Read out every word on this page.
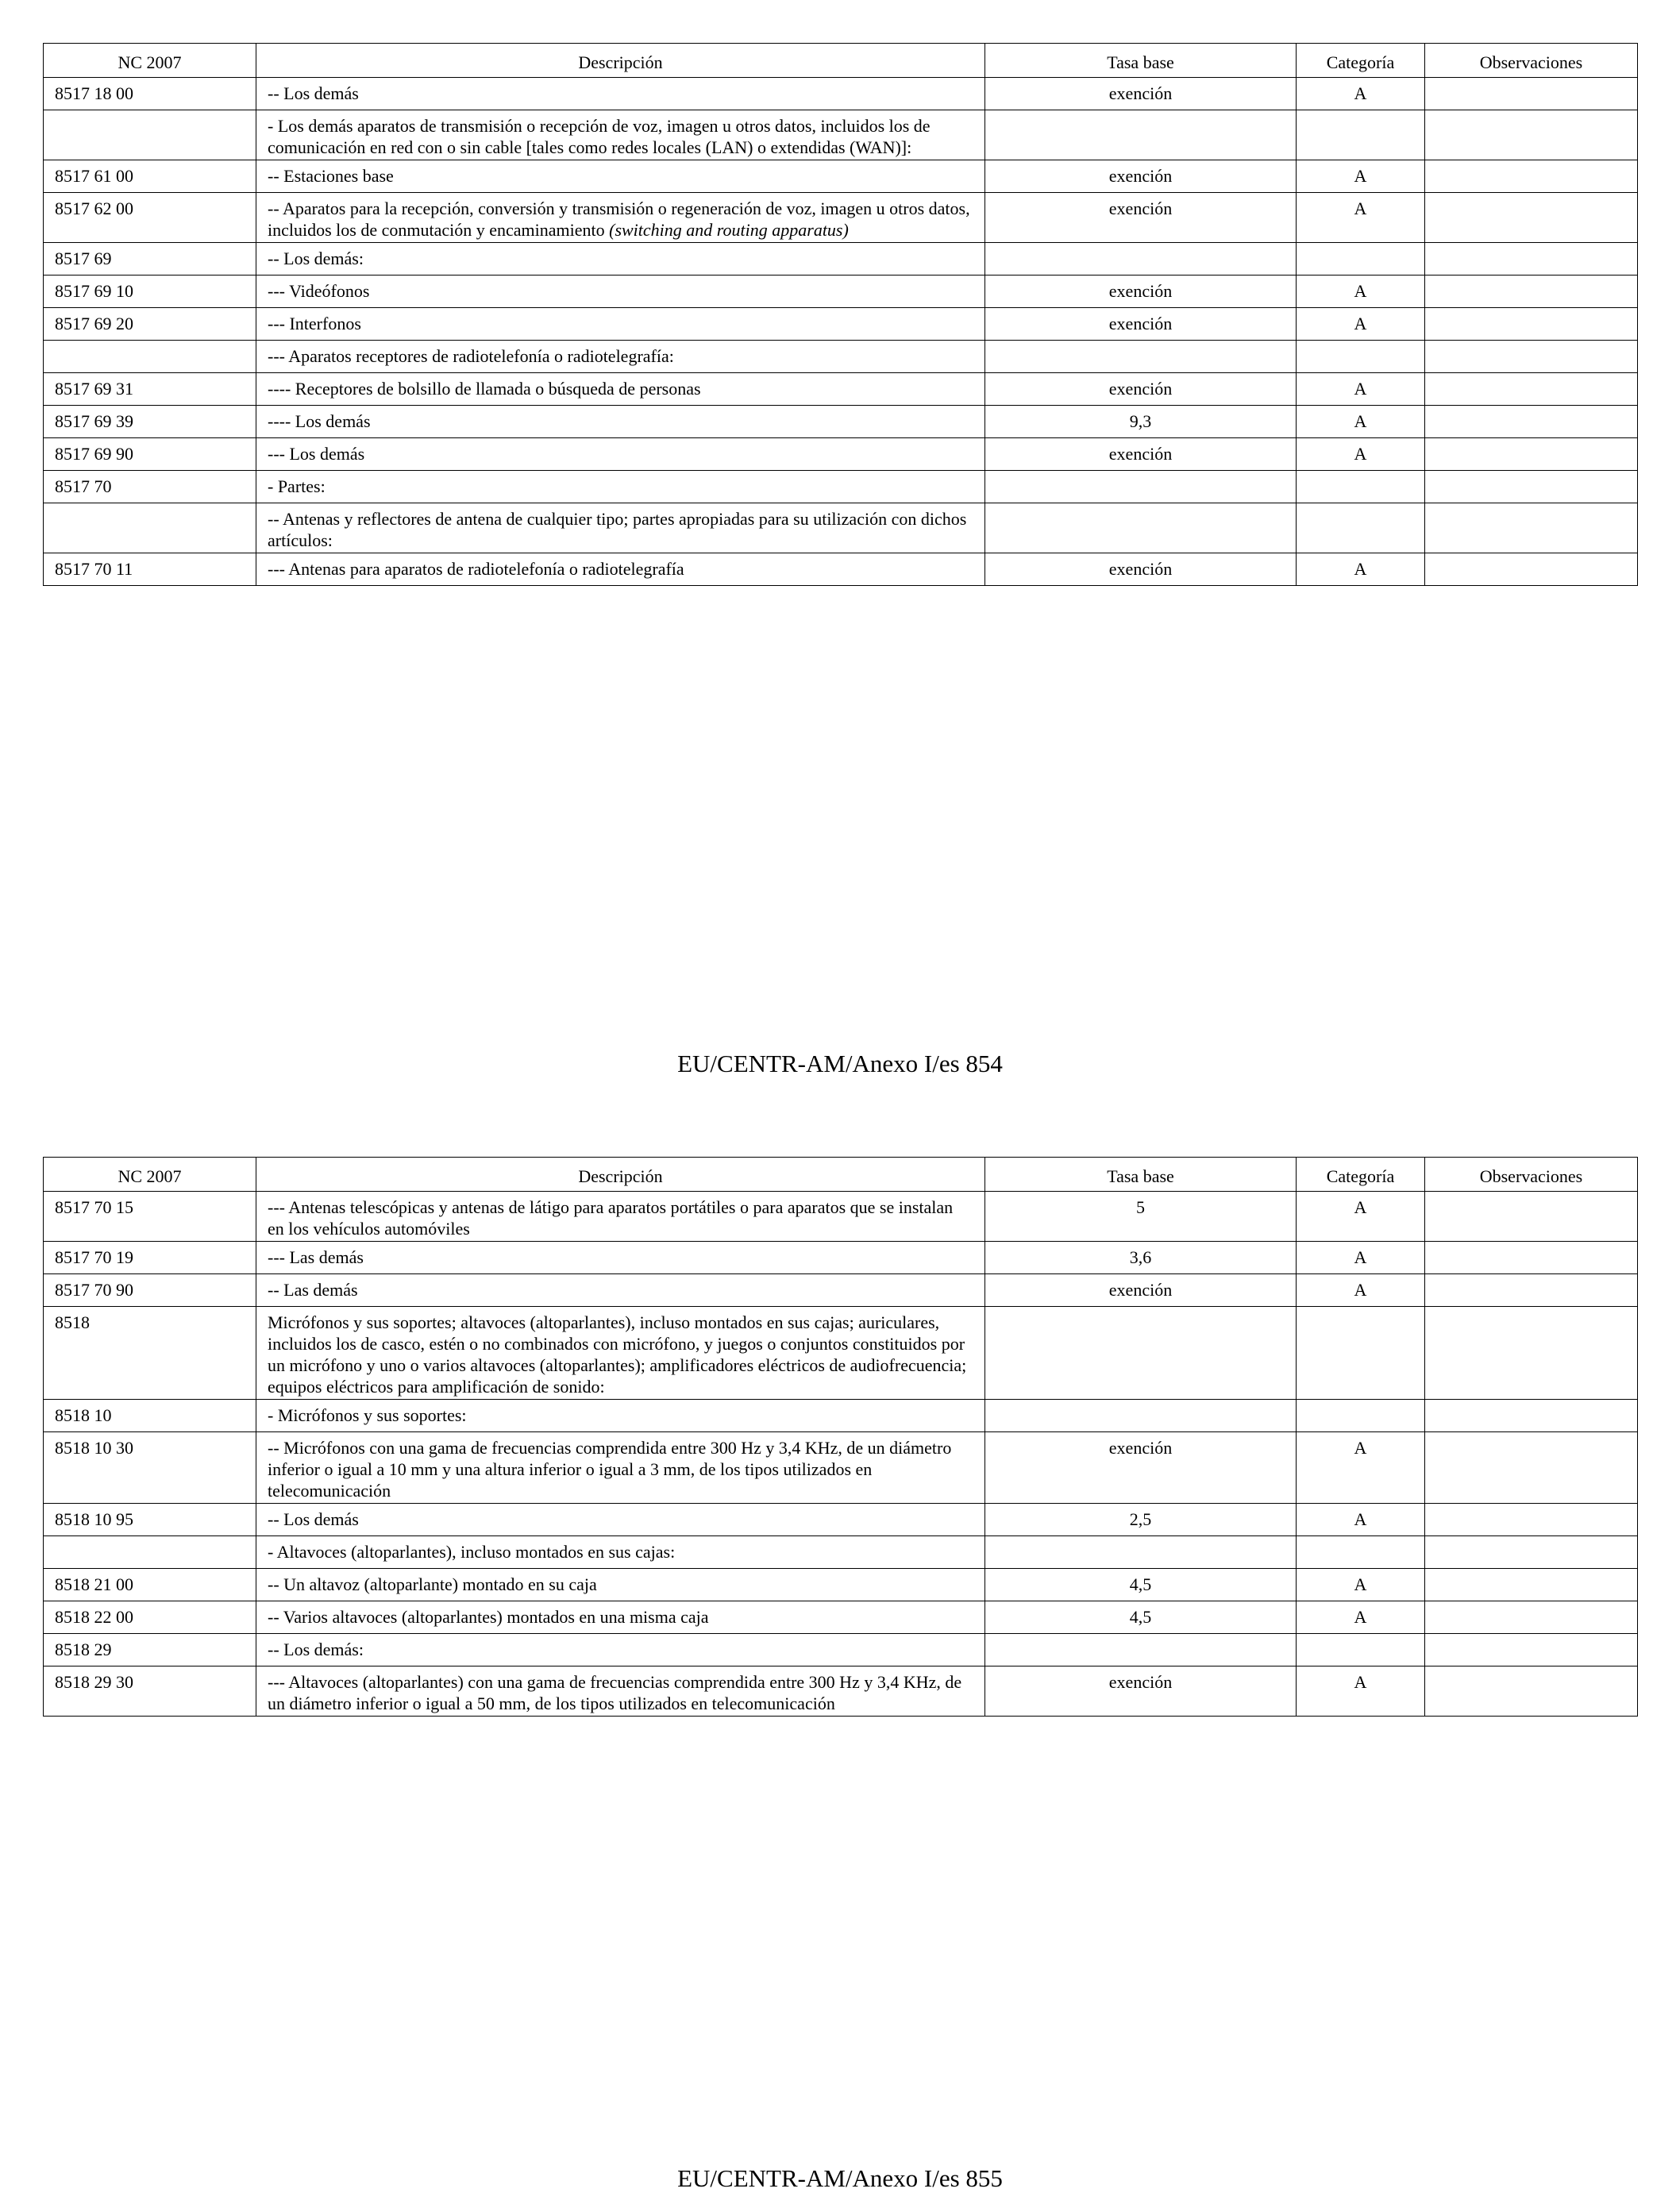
NC 2007	Descripción	Tasa base	Categoría	Observaciones
8517 18 00	-- Los demás	exención	A	
	- Los demás aparatos de transmisión o recepción de voz, imagen u otros datos, incluidos los de comunicación en red con o sin cable [tales como redes locales (LAN) o extendidas (WAN)]:			
8517 61 00	-- Estaciones base	exención	A	
8517 62 00	-- Aparatos para la recepción, conversión y transmisión o regeneración de voz, imagen u otros datos, incluidos los de conmutación y encaminamiento (switching and routing apparatus)	exención	A	
8517 69	-- Los demás:			
8517 69 10	--- Videófonos	exención	A	
8517 69 20	--- Interfonos	exención	A	
	--- Aparatos receptores de radiotelefonía o radiotelegrafía:			
8517 69 31	---- Receptores de bolsillo de llamada o búsqueda de personas	exención	A	
8517 69 39	---- Los demás	9,3	A	
8517 69 90	--- Los demás	exención	A	
8517 70	- Partes:			
	-- Antenas y reflectores de antena de cualquier tipo; partes apropiadas para su utilización con dichos artículos:			
8517 70 11	--- Antenas para aparatos de radiotelefonía o radiotelegrafía	exención	A	
EU/CENTR-AM/Anexo I/es 854
NC 2007	Descripción	Tasa base	Categoría	Observaciones
8517 70 15	--- Antenas telescópicas y antenas de látigo para aparatos portátiles o para aparatos que se instalan en los vehículos automóviles	5	A	
8517 70 19	--- Las demás	3,6	A	
8517 70 90	-- Las demás	exención	A	
8518	Micrófonos y sus soportes; altavoces (altoparlantes), incluso montados en sus cajas; auriculares, incluidos los de casco, estén o no combinados con micrófono, y juegos o conjuntos constituidos por un micrófono y uno o varios altavoces (altoparlantes); amplificadores eléctricos de audiofrecuencia; equipos eléctricos para amplificación de sonido:			
8518 10	- Micrófonos y sus soportes:			
8518 10 30	-- Micrófonos con una gama de frecuencias comprendida entre 300 Hz y 3,4 KHz, de un diámetro inferior o igual a 10 mm y una altura inferior o igual a 3 mm, de los tipos utilizados en telecomunicación	exención	A	
8518 10 95	-- Los demás	2,5	A	
	- Altavoces (altoparlantes), incluso montados en sus cajas:			
8518 21 00	-- Un altavoz (altoparlante) montado en su caja	4,5	A	
8518 22 00	-- Varios altavoces (altoparlantes) montados en una misma caja	4,5	A	
8518 29	-- Los demás:			
8518 29 30	--- Altavoces (altoparlantes) con una gama de frecuencias comprendida entre 300 Hz y 3,4 KHz, de un diámetro inferior o igual a 50 mm, de los tipos utilizados en telecomunicación	exención	A	
EU/CENTR-AM/Anexo I/es 855
